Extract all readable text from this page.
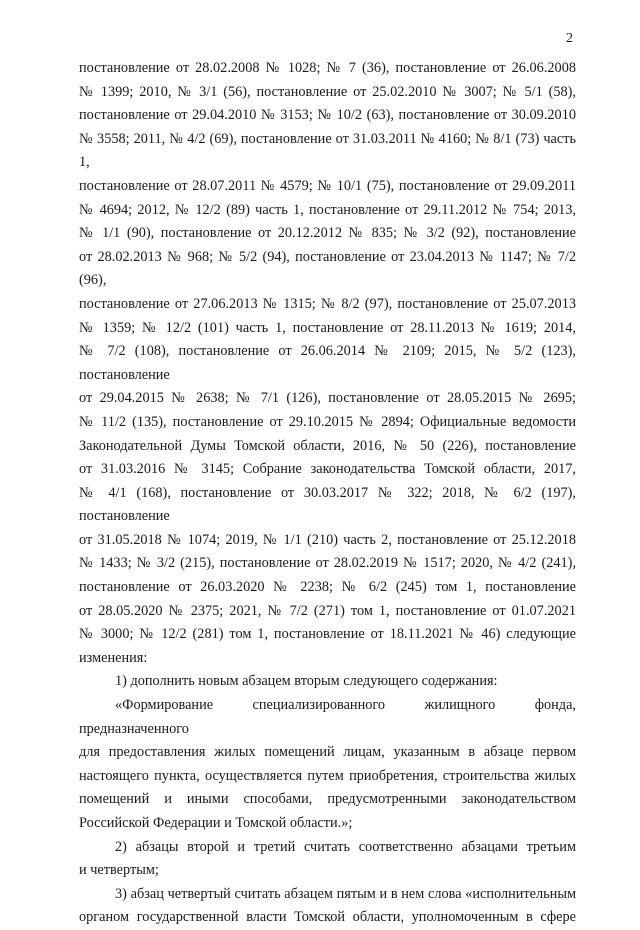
2

постановление от 28.02.2008 № 1028; № 7 (36), постановление от 26.06.2008

№ 1399; 2010, № 3/1 (56), постановление от 25.02.2010 № 3007; № 5/1 (58),

постановление от 29.04.2010 № 3153; № 10/2 (63), постановление от 30.09.2010

№ 3558; 2011, № 4/2 (69), постановление от 31.03.2011 № 4160; № 8/1 (73) часть 1,

постановление от 28.07.2011 № 4579; № 10/1 (75), постановление от 29.09.2011

№ 4694; 2012, № 12/2 (89) часть 1, постановление от 29.11.2012 № 754; 2013,

№ 1/1 (90), постановление от 20.12.2012 № 835; № 3/2 (92), постановление

от 28.02.2013 № 968; № 5/2 (94), постановление от 23.04.2013 № 1147; № 7/2 (96),

постановление от 27.06.2013 № 1315; № 8/2 (97), постановление от 25.07.2013

№ 1359; № 12/2 (101) часть 1, постановление от 28.11.2013 № 1619; 2014,

№ 7/2 (108), постановление от 26.06.2014 № 2109; 2015, № 5/2 (123), постановление

от 29.04.2015 № 2638; № 7/1 (126), постановление от 28.05.2015 № 2695;

№ 11/2 (135), постановление от 29.10.2015 № 2894; Официальные ведомости

Законодательной Думы Томской области, 2016, № 50 (226), постановление

от 31.03.2016 № 3145; Собрание законодательства Томской области, 2017,

№ 4/1 (168), постановление от 30.03.2017 № 322; 2018, № 6/2 (197), постановление

от 31.05.2018 № 1074; 2019, № 1/1 (210) часть 2, постановление от 25.12.2018

№ 1433; № 3/2 (215), постановление от 28.02.2019 № 1517; 2020, № 4/2 (241),

постановление от 26.03.2020 № 2238; № 6/2 (245) том 1, постановление

от 28.05.2020 № 2375; 2021, № 7/2 (271) том 1, постановление от 01.07.2021

№ 3000; № 12/2 (281) том 1, постановление от 18.11.2021 № 46) следующие

изменения:

1) дополнить новым абзацем вторым следующего содержания:

«Формирование специализированного жилищного фонда, предназначенного

для предоставления жилых помещений лицам, указанным в абзаце первом

настоящего пункта, осуществляется путем приобретения, строительства жилых

помещений и иными способами, предусмотренными законодательством

Российской Федерации и Томской области.»;

2) абзацы второй и третий считать соответственно абзацами третьим

и четвертым;

3) абзац четвертый считать абзацем пятым и в нем слова «исполнительным

органом государственной власти Томской области, уполномоченным в сфере
